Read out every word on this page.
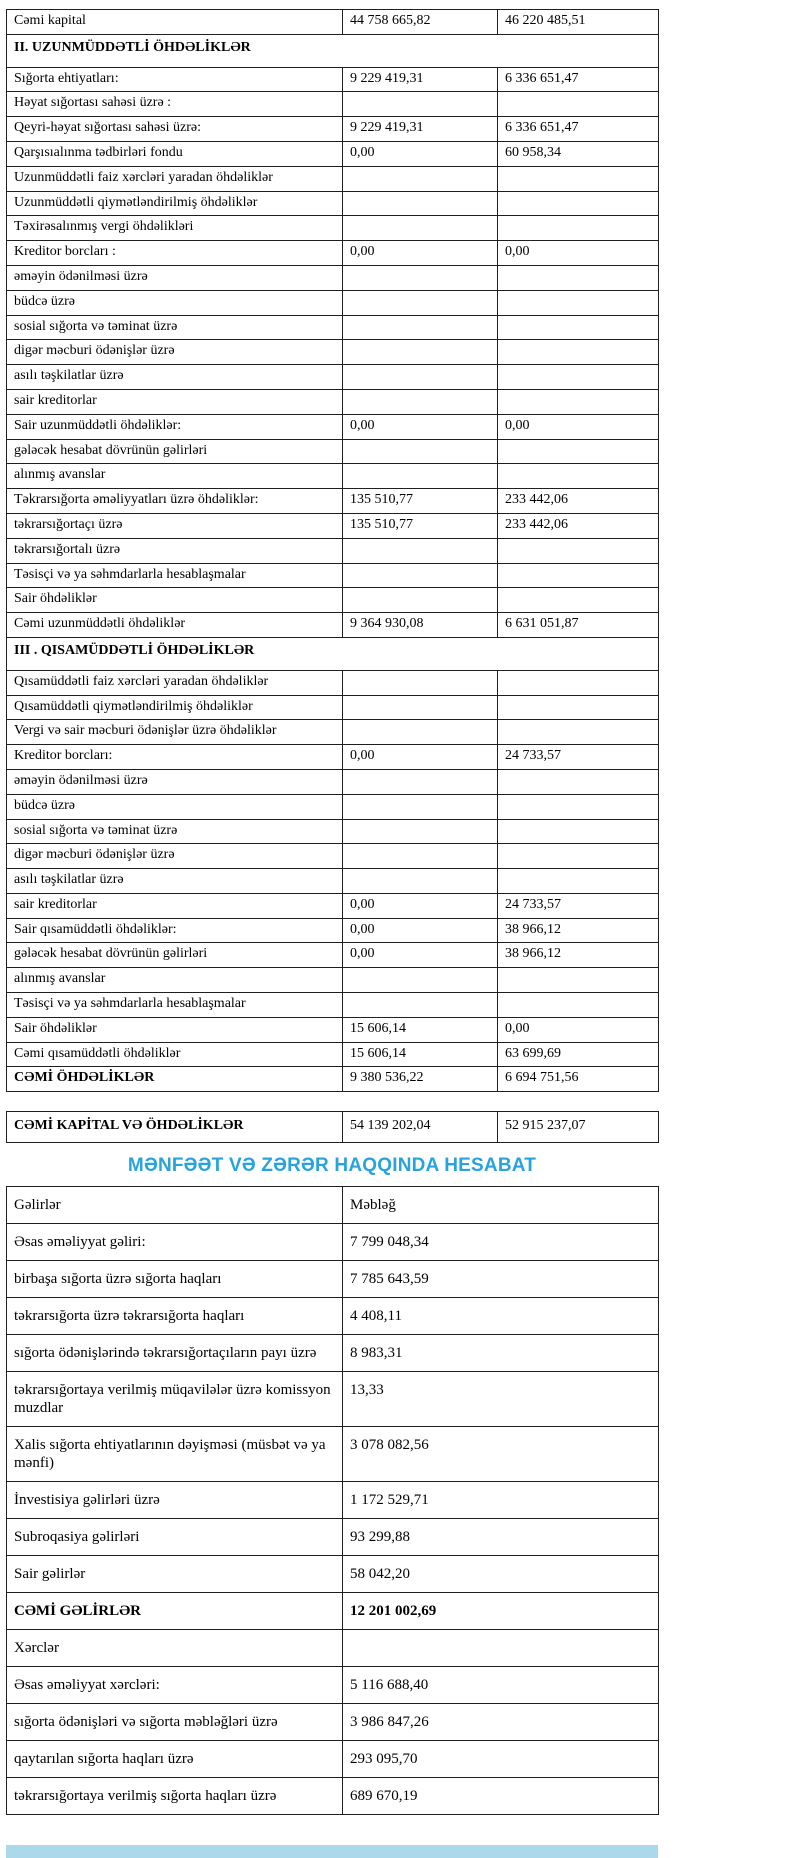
Cəmi kapital	44 758 665,82	46 220 485,51
II. UZUNMÜDDƏTLİ ÖHDƏLİKLƏR		
Sığorta ehtiyatları:	9 229 419,31	6 336 651,47
Həyat sığortası sahəsi üzrə :		
Qeyri-həyat sığortası sahəsi üzrə:	9 229 419,31	6 336 651,47
Qarşısıalınma tədbirləri fondu	0,00	60 958,34
Uzunmüddətli faiz xərcləri yaradan öhdəliklər		
Uzunmüddətli qiymətləndirilmiş öhdəliklər		
Təxirəsalınmış vergi öhdəlikləri		
Kreditor borcları :	0,00	0,00
əməyin ödənilməsi üzrə		
büdcə üzrə		
sosial sığorta və təminat üzrə		
digər məcburi ödənişlər üzrə		
asılı təşkilatlar üzrə		
sair kreditorlar		
Sair uzunmüddətli öhdəliklər:	0,00	0,00
gələcək hesabat dövrünün gəlirləri		
alınmış avanslar		
Təkrarsığorta əməliyyatları üzrə öhdəliklər:	135 510,77	233 442,06
təkrarsığortaçı üzrə	135 510,77	233 442,06
təkrarsığortalı üzrə		
Təsisçi və ya səhmdarlarla hesablaşmalar		
Sair öhdəliklər		
Cəmi uzunmüddətli öhdəliklər	9 364 930,08	6 631 051,87
III . QISAMÜDDƏTLİ ÖHDƏLİKLƏR		
Qısamüddətli faiz xərcləri yaradan öhdəliklər		
Qısamüddətli qiymətləndirilmiş öhdəliklər		
Vergi və sair məcburi ödənişlər üzrə öhdəliklər		
Kreditor borcları:	0,00	24 733,57
əməyin ödənilməsi üzrə		
büdcə üzrə		
sosial sığorta və təminat üzrə		
digər məcburi ödənişlər üzrə		
asılı təşkilatlar üzrə		
sair kreditorlar	0,00	24 733,57
Sair qısamüddətli öhdəliklər:	0,00	38 966,12
gələcək hesabat dövrünün gəlirləri	0,00	38 966,12
alınmış avanslar		
Təsisçi və ya səhmdarlarla hesablaşmalar		
Sair öhdəliklər	15 606,14	0,00
Cəmi qısamüddətli öhdəliklər	15 606,14	63 699,69
CƏMİ ÖHDƏLİKLƏR	9 380 536,22	6 694 751,56
CƏMİ KAPİTAL VƏ ÖHDƏLİKLƏR	54 139 202,04	52 915 237,07
MƏNFƏƏT VƏ ZƏRƏR HAQQINDA HESABAT
Gəlirlər	Məbləğ
Əsas əməliyyat gəliri:	7 799 048,34
birbaşa sığorta üzrə sığorta haqları	7 785 643,59
təkrarsığorta üzrə təkrarsığorta haqları	4 408,11
sığorta ödənişlərində təkrarsığortaçıların payı üzrə	8 983,31
təkrarsığortaya verilmiş müqavilələr üzrə komissyon muzdlar	13,33
Xalis sığorta ehtiyatlarının dəyişməsi (müsbət və ya mənfi)	3 078 082,56
İnvestisiya gəlirləri üzrə	1 172 529,71
Subroqasiya gəlirləri	93 299,88
Sair gəlirlər	58 042,20
CƏMİ GƏLİRLƏR	12 201 002,69
Xərclər	
Əsas əməliyyat xərcləri:	5 116 688,40
sığorta ödənişləri və sığorta məbləğləri üzrə	3 986 847,26
qaytarılan sığorta haqları üzrə	293 095,70
təkrarsığortaya verilmiş sığorta haqları üzrə	689 670,19
